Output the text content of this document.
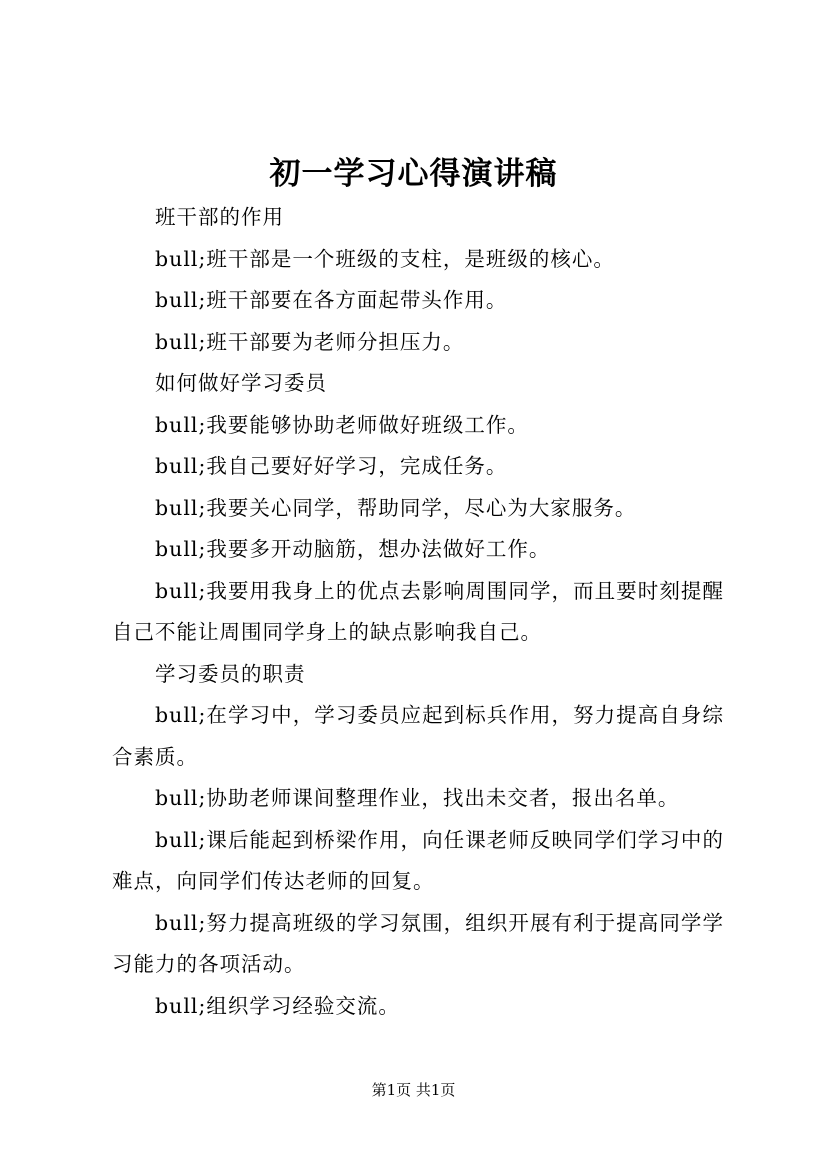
初一学习心得演讲稿

班干部的作用

bull;班干部是一个班级的支柱，是班级的核心。

bull;班干部要在各方面起带头作用。

bull;班干部要为老师分担压力。

如何做好学习委员

bull;我要能够协助老师做好班级工作。

bull;我自己要好好学习，完成任务。

bull;我要关心同学，帮助同学，尽心为大家服务。

bull;我要多开动脑筋，想办法做好工作。

bull;我要用我身上的优点去影响周围同学，而且要时刻提醒自己不能让周围同学身上的缺点影响我自己。

学习委员的职责

bull;在学习中，学习委员应起到标兵作用，努力提高自身综合素质。

bull;协助老师课间整理作业，找出未交者，报出名单。

bull;课后能起到桥梁作用，向任课老师反映同学们学习中的难点，向同学们传达老师的回复。

bull;努力提高班级的学习氛围，组织开展有利于提高同学学习能力的各项活动。

bull;组织学习经验交流。

第1页 共1页
